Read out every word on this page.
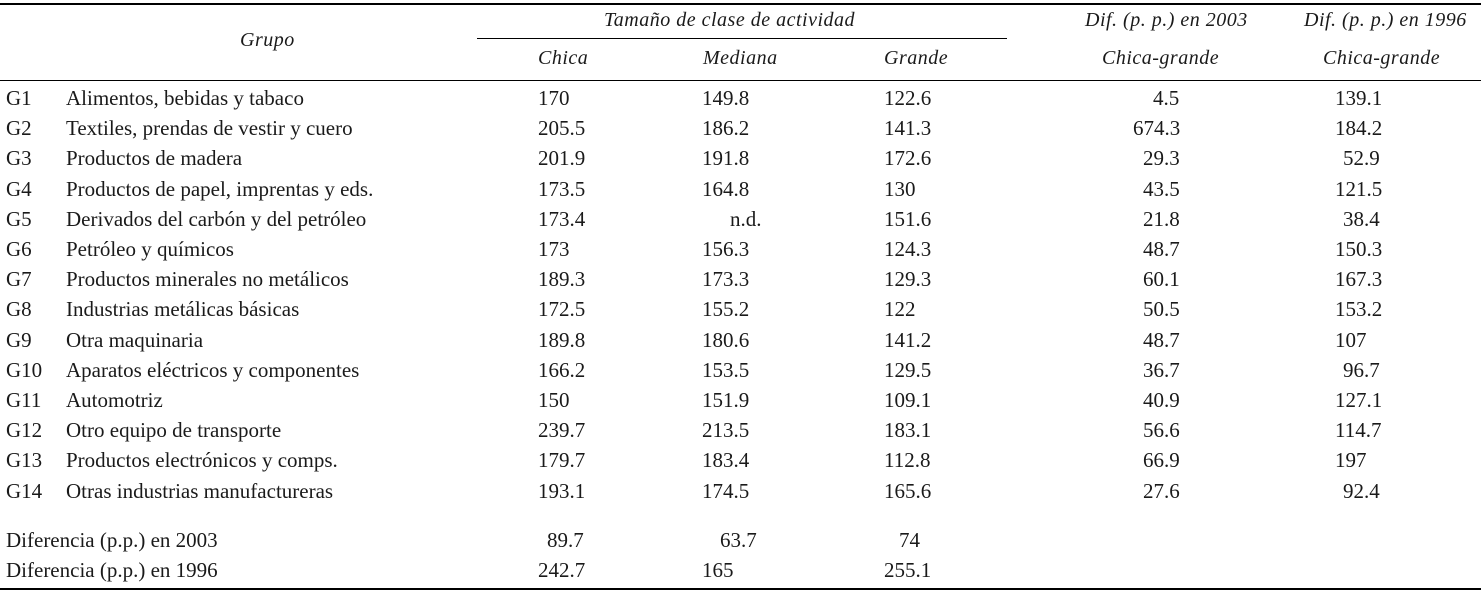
Grupo
Tamaño de clase de actividad
Chica	Mediana	Grande
Dif. (p. p.) en 2003	Dif. (p. p.) en 1996
Chica-grande	Chica-grande
G1 Alimentos, bebidas y tabaco	170	149.8	122.6	4.5	139.1
G2 Textiles, prendas de vestir y cuero	205.5	186.2	141.3	674.3	184.2
G3 Productos de madera	201.9	191.8	172.6	29.3	52.9
G4 Productos de papel, imprentas y eds.	173.5	164.8	130	43.5	121.5
G5 Derivados del carbón y del petróleo	173.4	n.d.	151.6	21.8	38.4
G6 Petróleo y químicos	173	156.3	124.3	48.7	150.3
G7 Productos minerales no metálicos	189.3	173.3	129.3	60.1	167.3
G8 Industrias metálicas básicas	172.5	155.2	122	50.5	153.2
G9 Otra maquinaria	189.8	180.6	141.2	48.7	107
G10 Aparatos eléctricos y componentes	166.2	153.5	129.5	36.7	96.7
G11 Automotriz	150	151.9	109.1	40.9	127.1
G12 Otro equipo de transporte	239.7	213.5	183.1	56.6	114.7
G13 Productos electrónicos y comps.	179.7	183.4	112.8	66.9	197
G14 Otras industrias manufactureras	193.1	174.5	165.6	27.6	92.4
Diferencia (p.p.) en 2003	89.7	63.7	74
Diferencia (p.p.) en 1996	242.7	165	255.1
